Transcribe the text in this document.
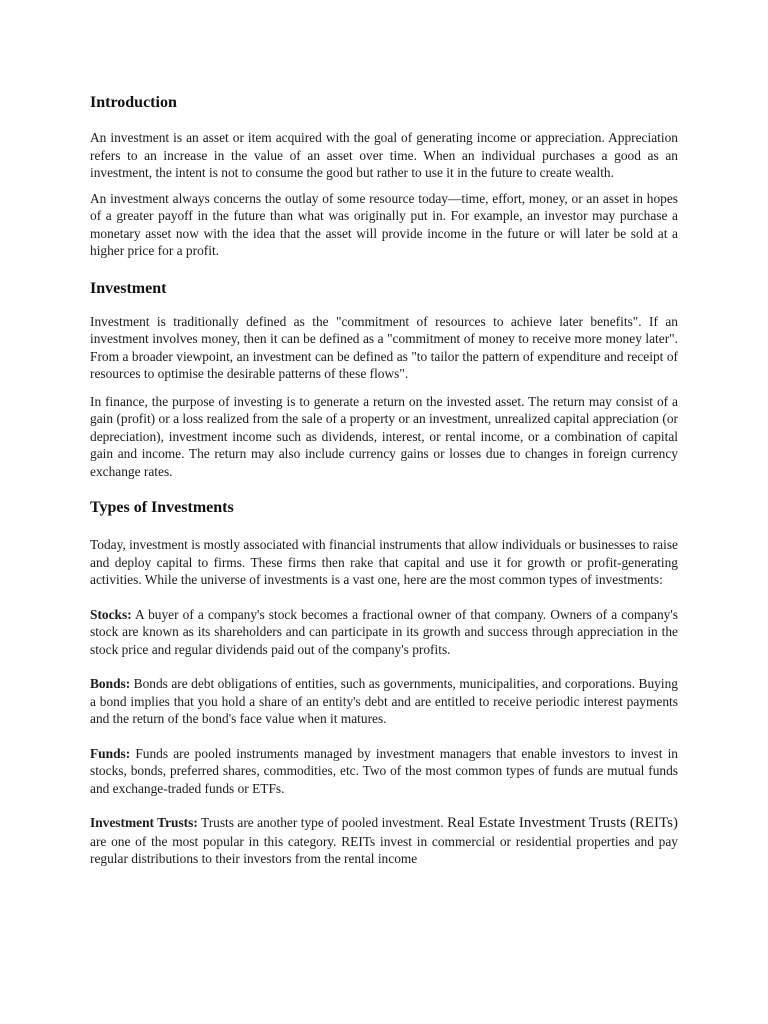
Introduction

An investment is an asset or item acquired with the goal of generating income or appreciation. Appreciation refers to an increase in the value of an asset over time. When an individual purchases a good as an investment, the intent is not to consume the good but rather to use it in the future to create wealth.

An investment always concerns the outlay of some resource today—time, effort, money, or an asset in hopes of a greater payoff in the future than what was originally put in. For example, an investor may purchase a monetary asset now with the idea that the asset will provide income in the future or will later be sold at a higher price for a profit.

Investment

Investment is traditionally defined as the "commitment of resources to achieve later benefits". If an investment involves money, then it can be defined as a "commitment of money to receive more money later". From a broader viewpoint, an investment can be defined as "to tailor the pattern of expenditure and receipt of resources to optimise the desirable patterns of these flows".

In finance, the purpose of investing is to generate a return on the invested asset. The return may consist of a gain (profit) or a loss realized from the sale of a property or an investment, unrealized capital appreciation (or depreciation), investment income such as dividends, interest, or rental income, or a combination of capital gain and income. The return may also include currency gains or losses due to changes in foreign currency exchange rates.

Types of Investments

Today, investment is mostly associated with financial instruments that allow individuals or businesses to raise and deploy capital to firms. These firms then rake that capital and use it for growth or profit-generating activities. While the universe of investments is a vast one, here are the most common types of investments:

Stocks: A buyer of a company's stock becomes a fractional owner of that company. Owners of a company's stock are known as its shareholders and can participate in its growth and success through appreciation in the stock price and regular dividends paid out of the company's profits.

Bonds: Bonds are debt obligations of entities, such as governments, municipalities, and corporations. Buying a bond implies that you hold a share of an entity's debt and are entitled to receive periodic interest payments and the return of the bond's face value when it matures.

Funds: Funds are pooled instruments managed by investment managers that enable investors to invest in stocks, bonds, preferred shares, commodities, etc. Two of the most common types of funds are mutual funds and exchange-traded funds or ETFs.

Investment Trusts: Trusts are another type of pooled investment. Real Estate Investment Trusts (REITs) are one of the most popular in this category. REITs invest in commercial or residential properties and pay regular distributions to their investors from the rental income
